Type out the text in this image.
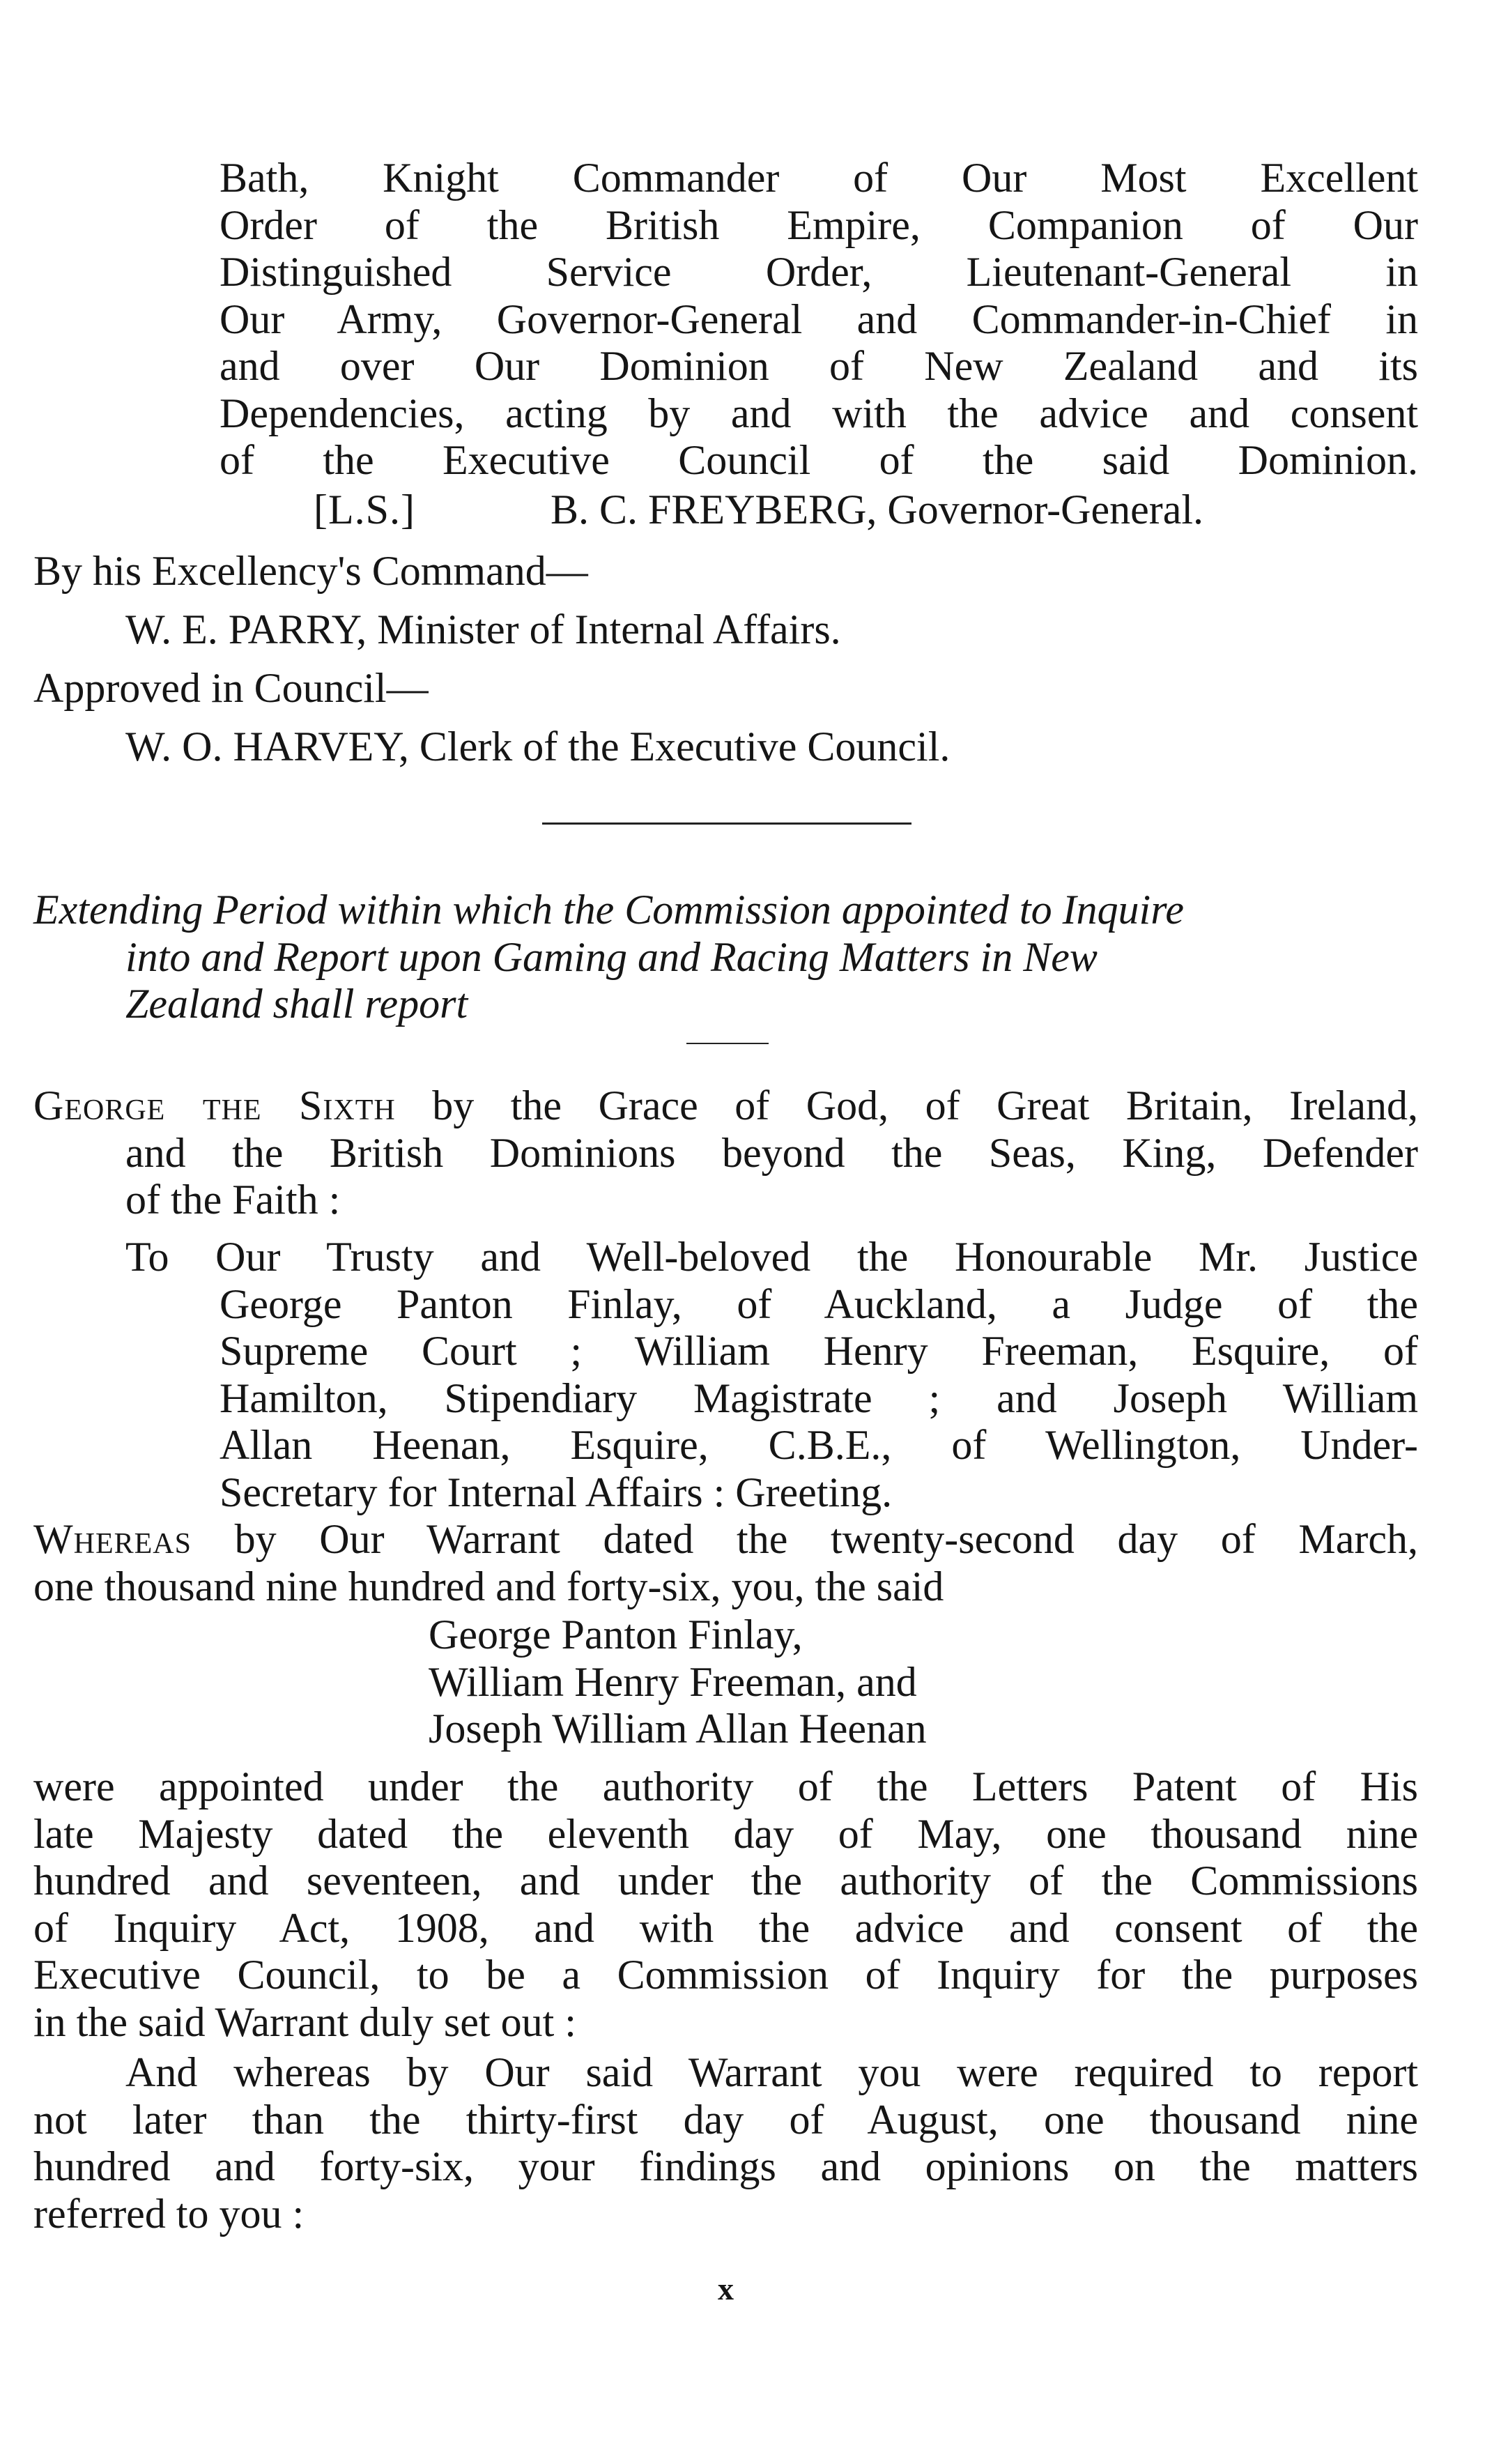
Bath, Knight Commander of Our Most Excellent
Order of the British Empire, Companion of Our
Distinguished Service Order, Lieutenant-General in
Our Army, Governor-General and Commander-in-Chief in
and over Our Dominion of New Zealand and its
Dependencies, acting by and with the advice and consent
of the Executive Council of the said Dominion.
[L.S.]	B. C. FREYBERG, Governor-General.
By his Excellency's Command—
W. E. PARRY, Minister of Internal Affairs.
Approved in Council—
W. O. HARVEY, Clerk of the Executive Council.
Extending Period within which the Commission appointed to Inquire
into and Report upon Gaming and Racing Matters in New
Zealand shall report
George the Sixth by the Grace of God, of Great Britain, Ireland,
and the British Dominions beyond the Seas, King, Defender
of the Faith :
To Our Trusty and Well-beloved the Honourable Mr. Justice
George Panton Finlay, of Auckland, a Judge of the
Supreme Court ; William Henry Freeman, Esquire, of
Hamilton, Stipendiary Magistrate ; and Joseph William
Allan Heenan, Esquire, C.B.E., of Wellington, Under-
Secretary for Internal Affairs : Greeting.
Whereas by Our Warrant dated the twenty-second day of March,
one thousand nine hundred and forty-six, you, the said
George Panton Finlay,
William Henry Freeman, and
Joseph William Allan Heenan
were appointed under the authority of the Letters Patent of His
late Majesty dated the eleventh day of May, one thousand nine
hundred and seventeen, and under the authority of the Commissions
of Inquiry Act, 1908, and with the advice and consent of the
Executive Council, to be a Commission of Inquiry for the purposes
in the said Warrant duly set out :
And whereas by Our said Warrant you were required to report
not later than the thirty-first day of August, one thousand nine
hundred and forty-six, your findings and opinions on the matters
referred to you :
x
